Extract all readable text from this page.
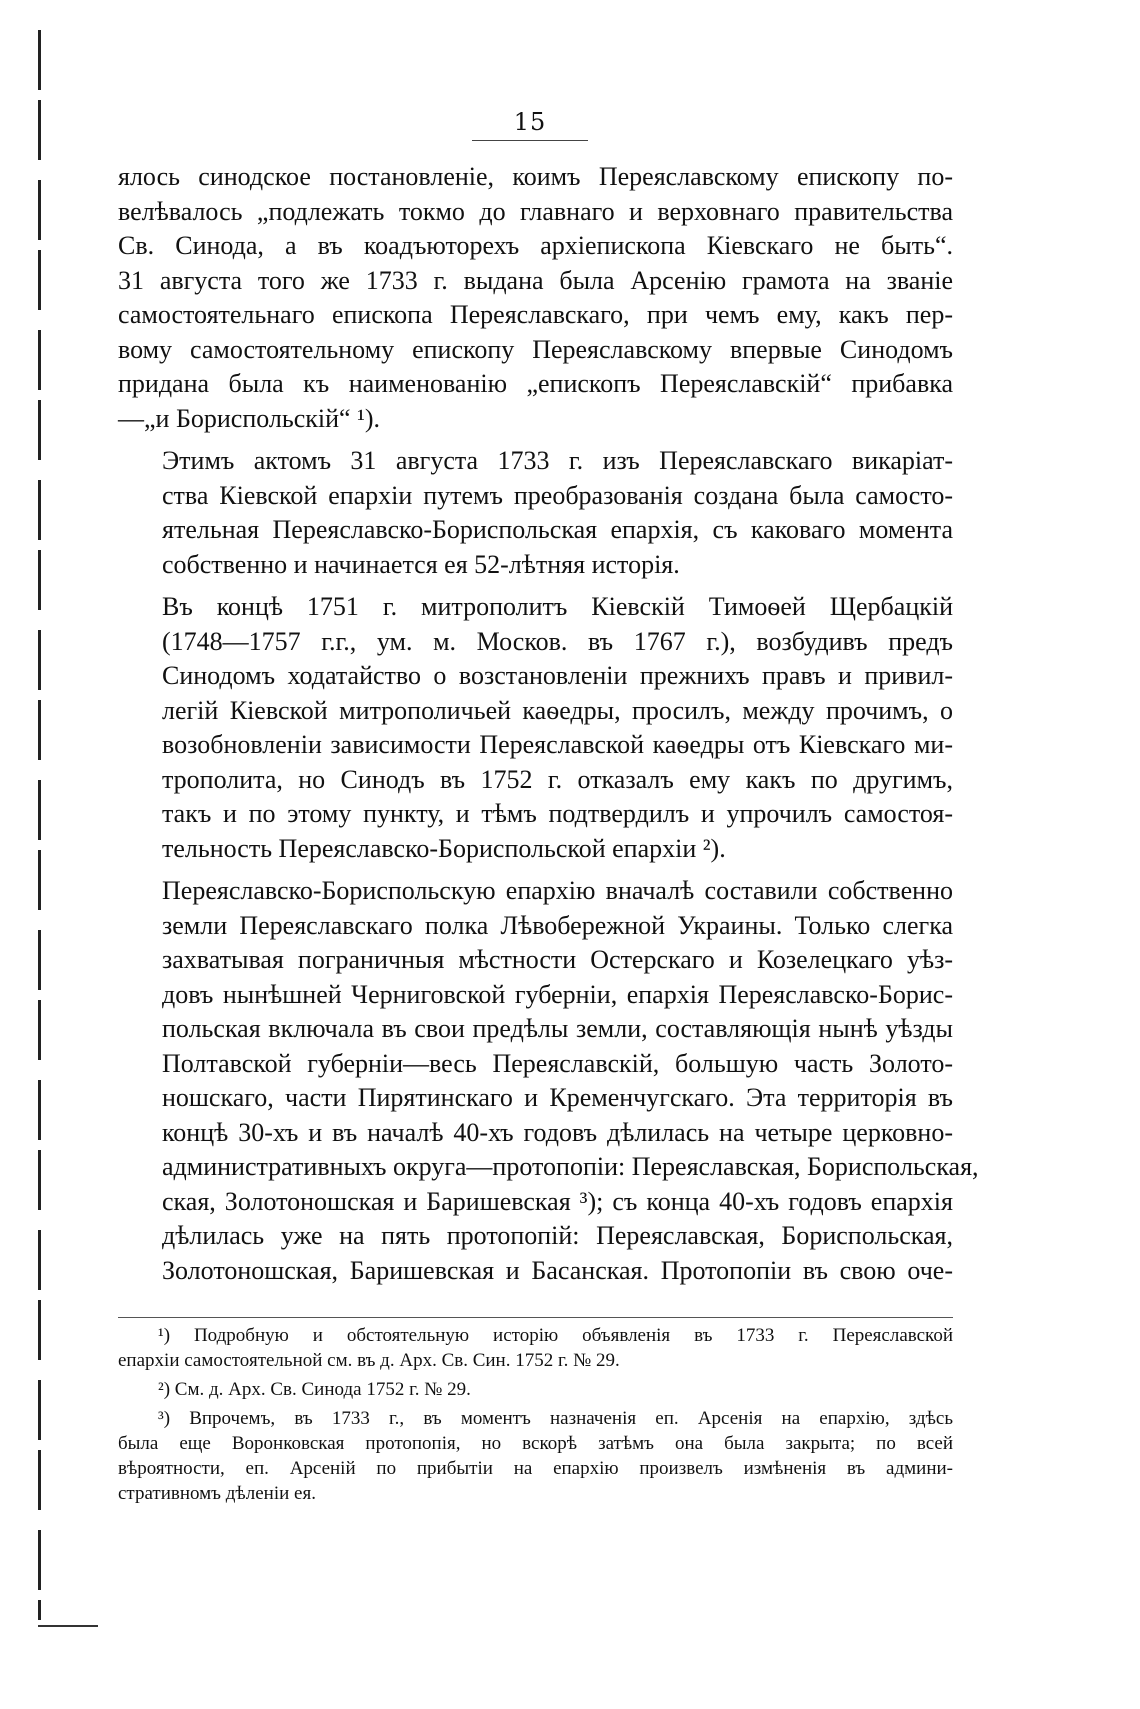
15

ялось синодское постановленіе, коимъ Переяславскому епископу по-
велѣвалось „подлежать токмо до главнаго и верховнаго правительства
Св. Синода, а въ коадъюторехъ архіепископа Кіевскаго не быть“.
31 августа того же 1733 г. выдана была Арсенію грамота на званіе
самостоятельнаго епископа Переяславскаго, при чемъ ему, какъ пер-
вому самостоятельному епископу Переяславскому впервые Синодомъ
придана была къ наименованію „епископъ Переяславскій“ прибавка
—„и Бориспольскій“ ¹).

Этимъ актомъ 31 августа 1733 г. изъ Переяславскаго викаріат-
ства Кіевской епархіи путемъ преобразованія создана была самосто-
ятельная Переяславско-Бориспольская епархія, съ каковаго момента
собственно и начинается ея 52-лѣтняя исторія.

Въ концѣ 1751 г. митрополитъ Кіевскій Тимоѳей Щербацкій
(1748—1757 г.г., ум. м. Москов. въ 1767 г.), возбудивъ предъ
Синодомъ ходатайство о возстановленіи прежнихъ правъ и привил-
легій Кіевской митрополичьей каѳедры, просилъ, между прочимъ, о
возобновленіи зависимости Переяславской каѳедры отъ Кіевскаго ми-
трополита, но Синодъ въ 1752 г. отказалъ ему какъ по другимъ,
такъ и по этому пункту, и тѣмъ подтвердилъ и упрочилъ самостоя-
тельность Переяславско-Бориспольской епархіи ²).

Переяславско-Бориспольскую епархію вначалѣ составили собственно
земли Переяславскаго полка Лѣвобережной Украины. Только слегка
захватывая пограничныя мѣстности Остерскаго и Козелецкаго уѣз-
довъ нынѣшней Черниговской губерніи, епархія Переяславско-Борис-
польская включала въ свои предѣлы земли, составляющія нынѣ уѣзды
Полтавской губерніи—весь Переяславскій, большую часть Золото-
ношскаго, части Пирятинскаго и Кременчугскаго. Эта территорія въ
концѣ 30-хъ и въ началѣ 40-хъ годовъ дѣлилась на четыре церковно-
административныхъ округа—протопопіи: Переяславская, Бориспольская,
ская, Золотоношская и Баришевская ³); съ конца 40-хъ годовъ епархія
дѣлилась уже на пять протопопій: Переяславская, Бориспольская,
Золотоношская, Баришевская и Басанская. Протопопіи въ свою оче-

¹) Подробную и обстоятельную исторію объявленія въ 1733 г. Переяславской
епархіи самостоятельной см. въ д. Арх. Св. Син. 1752 г. № 29.

²) См. д. Арх. Св. Синода 1752 г. № 29.

³) Впрочемъ, въ 1733 г., въ моментъ назначенія еп. Арсенія на епархію, здѣсь
была еще Воронковская протопопія, но вскорѣ затѣмъ она была закрыта; по всей
вѣроятности, еп. Арсеній по прибытіи на епархію произвелъ измѣненія въ админи-
стративномъ дѣленіи ея.
